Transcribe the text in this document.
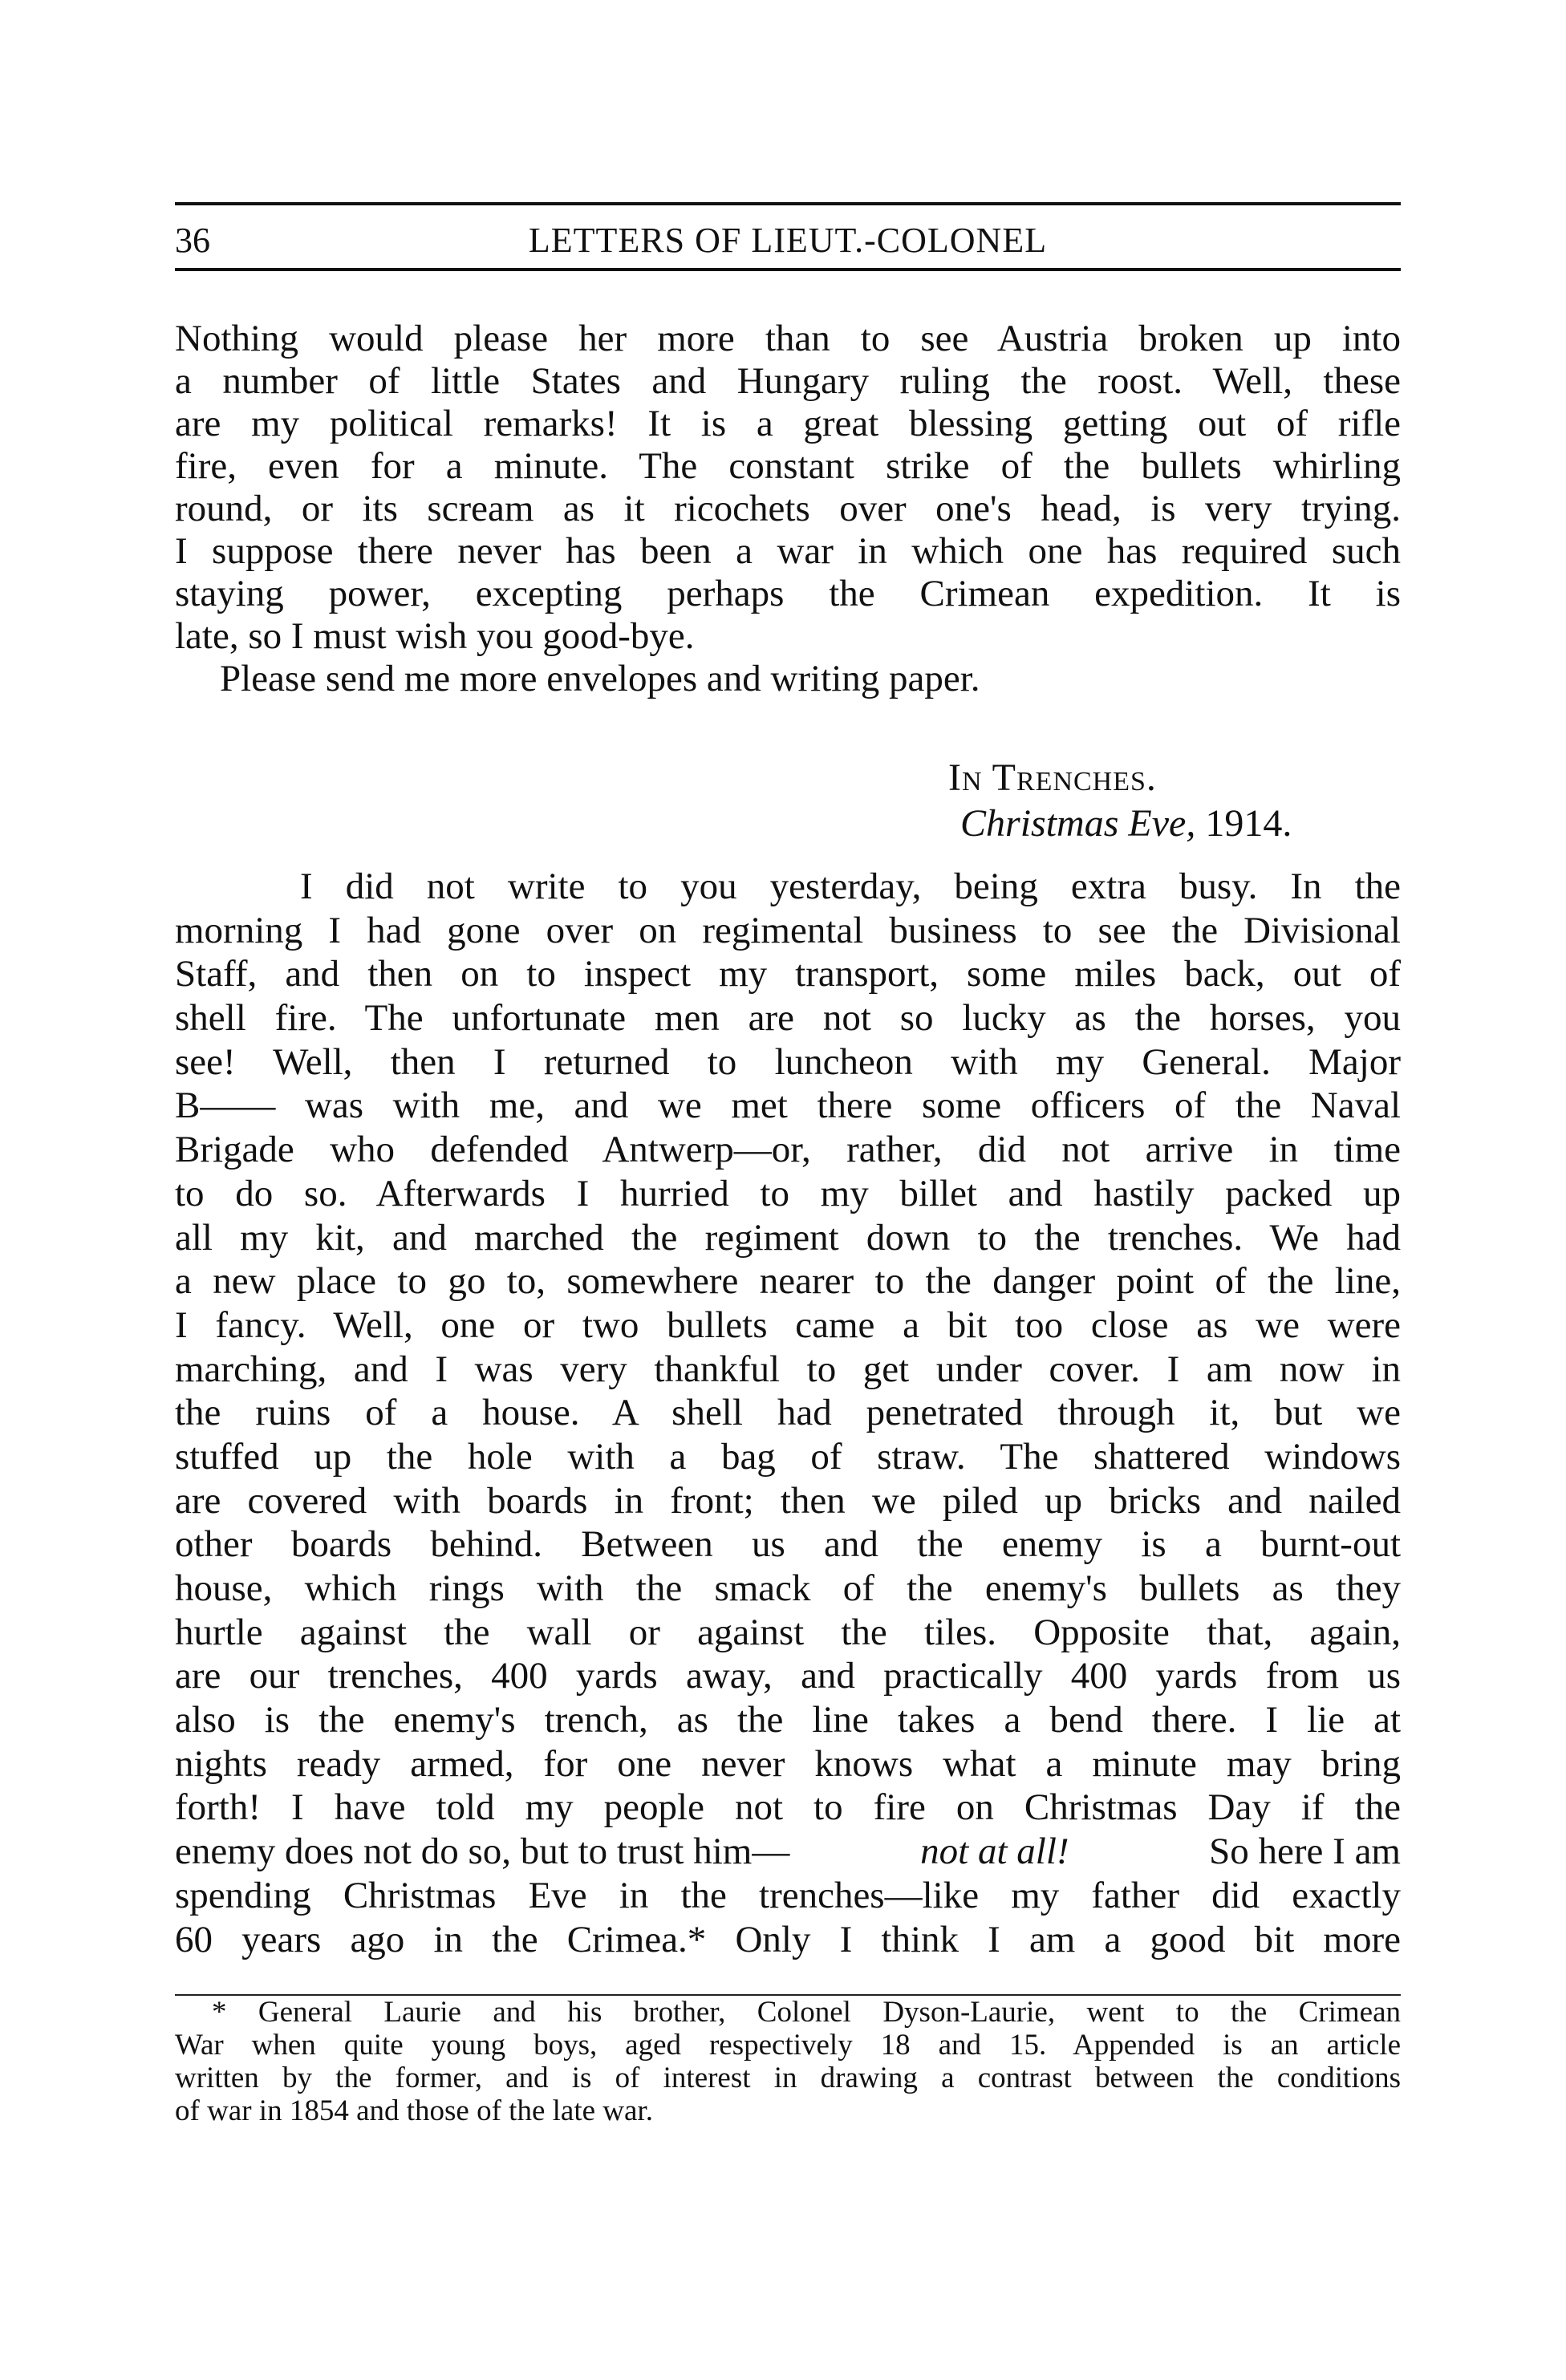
36	LETTERS OF LIEUT.-COLONEL
Nothing would please her more than to see Austria broken up into
a number of little States and Hungary ruling the roost. Well, these
are my political remarks! It is a great blessing getting out of rifle
fire, even for a minute. The constant strike of the bullets whirling
round, or its scream as it ricochets over one's head, is very trying.
I suppose there never has been a war in which one has required such
staying power, excepting perhaps the Crimean expedition. It is
late, so I must wish you good-bye.
Please send me more envelopes and writing paper.
In Trenches.
Christmas Eve, 1914.
I did not write to you yesterday, being extra busy. In the
morning I had gone over on regimental business to see the Divisional
Staff, and then on to inspect my transport, some miles back, out of
shell fire. The unfortunate men are not so lucky as the horses, you
see! Well, then I returned to luncheon with my General. Major
B—— was with me, and we met there some officers of the Naval
Brigade who defended Antwerp—or, rather, did not arrive in time
to do so. Afterwards I hurried to my billet and hastily packed up
all my kit, and marched the regiment down to the trenches. We had
a new place to go to, somewhere nearer to the danger point of the line,
I fancy. Well, one or two bullets came a bit too close as we were
marching, and I was very thankful to get under cover. I am now in
the ruins of a house. A shell had penetrated through it, but we
stuffed up the hole with a bag of straw. The shattered windows
are covered with boards in front; then we piled up bricks and nailed
other boards behind. Between us and the enemy is a burnt-out
house, which rings with the smack of the enemy's bullets as they
hurtle against the wall or against the tiles. Opposite that, again,
are our trenches, 400 yards away, and practically 400 yards from us
also is the enemy's trench, as the line takes a bend there. I lie at
nights ready armed, for one never knows what a minute may bring
forth! I have told my people not to fire on Christmas Day if the
enemy does not do so, but to trust him—	not at all!	So here I am
spending Christmas Eve in the trenches—like my father did exactly
60 years ago in the Crimea.* Only I think I am a good bit more
* General Laurie and his brother, Colonel Dyson-Laurie, went to the Crimean
War when quite young boys, aged respectively 18 and 15. Appended is an article
written by the former, and is of interest in drawing a contrast between the conditions
of war in 1854 and those of the late war.
